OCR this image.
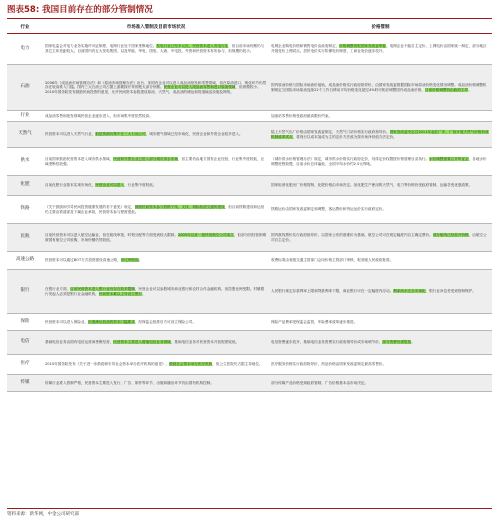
图表58: 我国目前存在的部分管制情况
行业	市场准入管制及目前市场状况	价格管制
电力	国家电监会对电力业务实施许可证制度，电网行业处于国家垄断地位。发电行业已经多元化，民营资本进入发电行业，但目前市场份额仍与其它主体差距较大。目前国内有五大发电集团，以及华能、华电、国电、大唐、中电投，外资和民营资本有所参与，但规模仍较小。	电网企业购电价格和销售电价由政府制定，价格调整须报国家发改委审批。电网企业不能自主定价，上网电价由国家统一制定，部分地区开展竞价上网试点。居民电价实行阶梯电价制度，工商业电价逐步放开。
石油	2006年《成品油市场管理办法》和《原油市场管理办法》出台，非国有企业可以进入成品油批发和零售领域，但在原油进口、炼化环节仍然存在较高准入门槛。国内三大石油公司占据上游勘探开采的绝大部分份额。民营企业可以进入成品油零售和进口原油领域，但规模较小。2010年国务院发布鼓励民间投资的意见，允许民间资本参股建设原油、天然气、成品油的储运和管道输送设施及网络。	国内原油价格与国际市场油价接轨，成品油价格实行政府指导价，由国家发改委根据国际市场原油价格变化情况调整。成品油价格调整机制规定当国际市场原油连续22个工作日移动平均价格变化超过4%时可相应调整国内成品油价格，目前价格调整仍由政府主导。
行业	成品油零售和批发领域民营企业逐步进入，但市场集中度依然较高。	加油站零售价格受政府最高限价约束。
天然气	民营资本可以进入天然气行业，但是资源仍集中在三大石油公司，城市燃气领域已经市场化，民营企业和外资企业较多进入。	陆上天然气出厂价格由国家发改委制定，天然气门站价格实行政府指导价。国家发改委决定自2011年起在广东、广西开展天然气价格形成机制改革试点，将现行以成本加成为主的定价方法改为按市场净回值方法定价。
供水	目前国家鼓励民营资本进入城市供水领域，民营和外资企业已进入部分城市供水市场，但主要仍由地方国有企业经营，行业集中度较低，区域垄断性较强。	《城市供水价格管理办法》规定，城市供水价格实行政府定价，具体定价权限按价格管理目录执行。水价调整需要召开听证会，各地水价调整进程较慢，目前水价总体偏低，全国平均水价约2.5元每吨。
化肥	目前化肥行业基本实现市场化，民营企业可以进入，行业集中度较低。	国家取消化肥出厂价格管制，化肥价格由市场决定。但化肥生产使用的天然气、电力等价格仍受政府管制，运输享受优惠政策。
铁路	《关于鼓励和引导民间投资健康发展的若干意见》规定，鼓励民间资本参与铁路干线、支线、城际轨道交通的建设，但目前铁路建设和运营仍主要由铁道部及下属企业承担，民营资本参与程度很低。	铁路运价由国家发改委制定和调整，客运票价和货运运价实行政府定价。
民航	目前民营资本可以进入航空运输业，但在航线审批、时刻分配等方面受到较大限制。2005年以来一批民营航空公司成立，但部分因经营困难被国有航空公司收购，市场份额仍然较低。	国内航线票价实行政府指导价，以国家公布的基准价为基础，航空公司可在规定幅度内自主确定票价。部分航线已经放开价格，由航空公司自主定价。
高速公路	民营资本可以通过BOT方式投资建设高速公路，但比例较低。	收费标准由省级交通主管部门会同价格主管部门审核，报省级人民政府批准。
银行	在银行业方面，目前民营资本进入银行业仍存在较多限制，民营企业可以参股城市商业银行和农村合作金融机构，但控股比例受限。村镇银行发起人必须是银行业金融机构，民间资本难以主导设立银行。	人民银行规定存款利率上限和贷款利率下限，商业银行可在一定幅度内浮动。利率尚未完全市场化，银行业净息差受到管制保护。
保险	民营资本可以进入保险业，但需满足较高的资本门槛要求，经保监会批准后方可设立保险公司。	保险产品费率受保监会监管，车险费率改革逐步推进。
电信	基础电信业务由国有电信运营商垄断经营，民营资本主要进入增值电信业务领域，基础电信业务对民营资本开放程度较低。	电信资费逐步放开，基础电信业务资费实行政府指导价或市场调节价，部分资费仍需报批。
医疗	2010年国务院发布《关于进一步鼓励和引导社会资本举办医疗机构的意见》，鼓励社会资本举办医疗机构，但公立医院仍占据主导地位。	医疗服务价格实行政府指导价，药品价格由国家发改委制定最高零售价。
传媒	传媒行业准入管制严格，民营资本主要进入发行、广告、制作等环节，出版和播出环节仍由国有机构控制。	部分传媒产品价格受到政府管制，广告价格基本由市场决定。
资料来源：新华网，中金公司研究部
